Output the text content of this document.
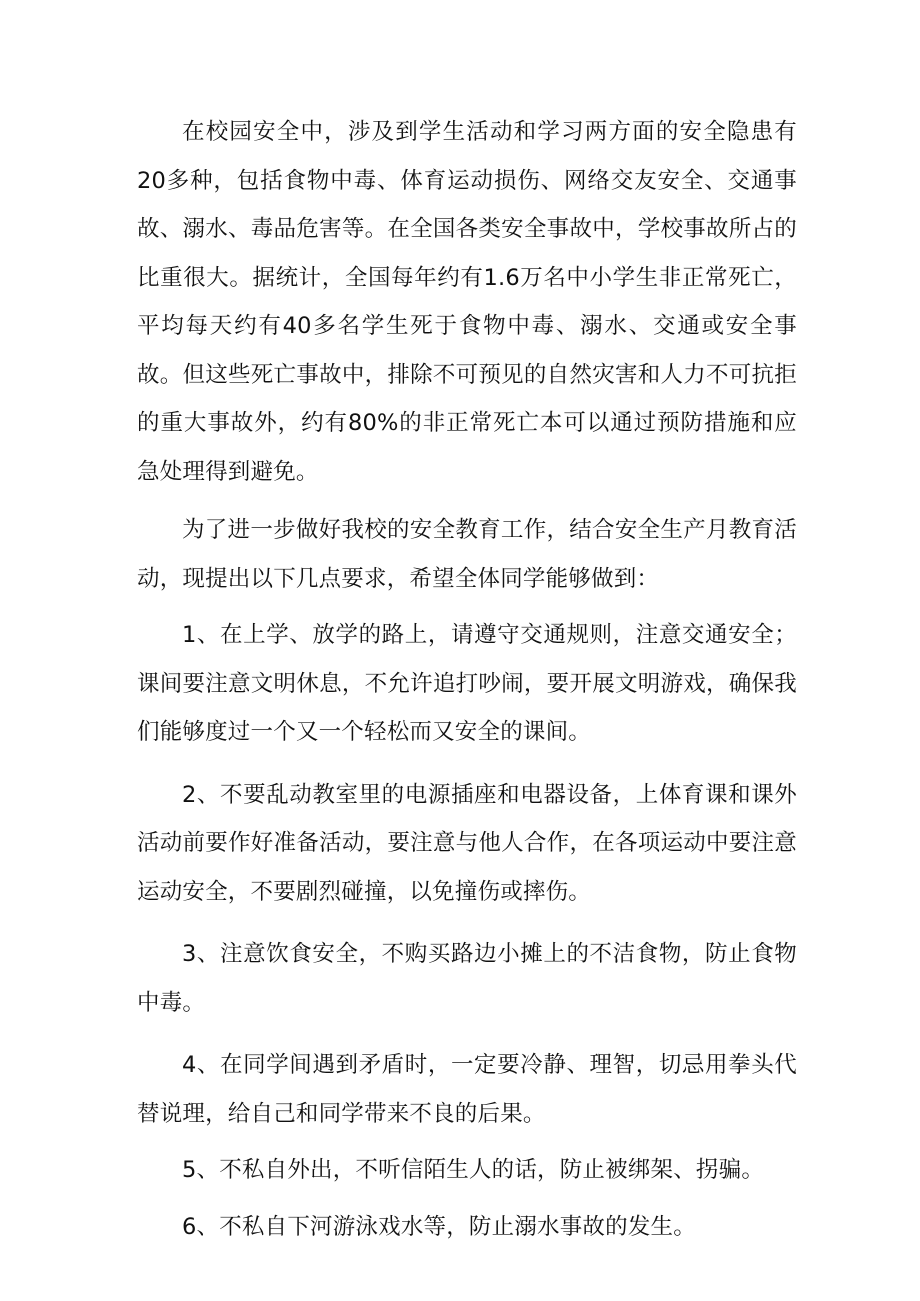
在校园安全中，涉及到学生活动和学习两方面的安全隐患有20多种，包括食物中毒、体育运动损伤、网络交友安全、交通事故、溺水、毒品危害等。在全国各类安全事故中，学校事故所占的比重很大。据统计，全国每年约有1.6万名中小学生非正常死亡，平均每天约有40多名学生死于食物中毒、溺水、交通或安全事故。但这些死亡事故中，排除不可预见的自然灾害和人力不可抗拒的重大事故外，约有80%的非正常死亡本可以通过预防措施和应急处理得到避免。

为了进一步做好我校的安全教育工作，结合安全生产月教育活动，现提出以下几点要求，希望全体同学能够做到：

1、在上学、放学的路上，请遵守交通规则，注意交通安全；课间要注意文明休息，不允许追打吵闹，要开展文明游戏，确保我们能够度过一个又一个轻松而又安全的课间。

2、不要乱动教室里的电源插座和电器设备，上体育课和课外活动前要作好准备活动，要注意与他人合作，在各项运动中要注意运动安全，不要剧烈碰撞，以免撞伤或摔伤。

3、注意饮食安全，不购买路边小摊上的不洁食物，防止食物中毒。

4、在同学间遇到矛盾时，一定要冷静、理智，切忌用拳头代替说理，给自己和同学带来不良的后果。

5、不私自外出，不听信陌生人的话，防止被绑架、拐骗。

6、不私自下河游泳戏水等，防止溺水事故的发生。
